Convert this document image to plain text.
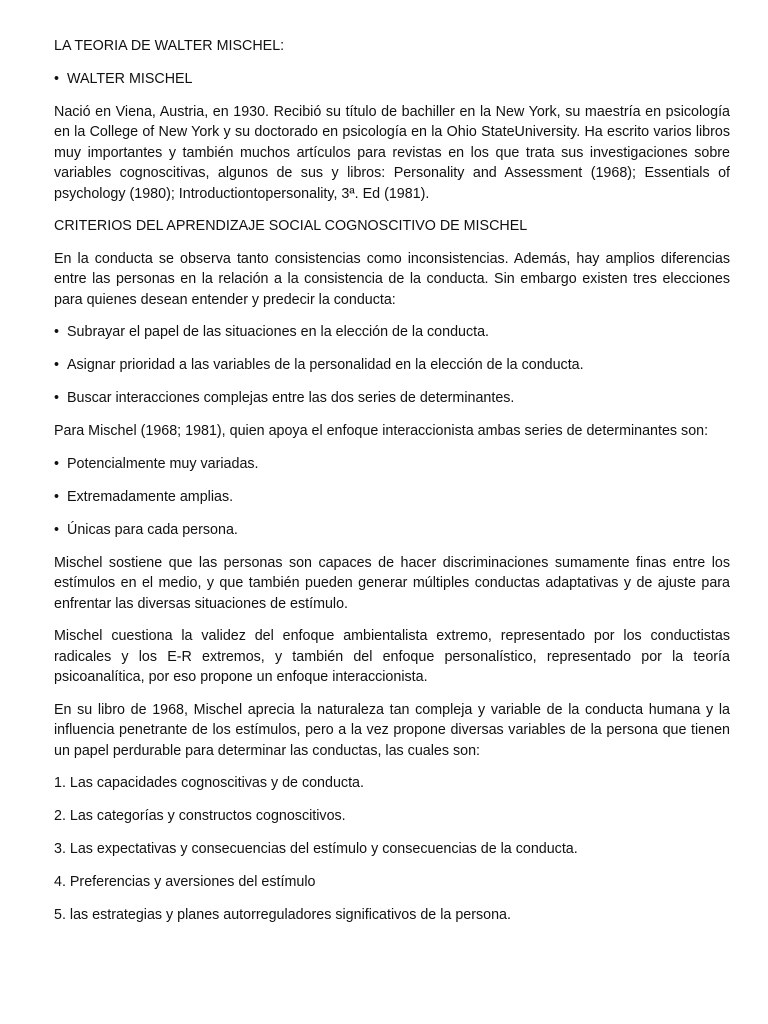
LA TEORIA DE WALTER MISCHEL:
• WALTER MISCHEL
Nació en Viena, Austria, en 1930. Recibió su título de bachiller en la New York, su maestría en psicología en la College of New York y su doctorado en psicología en la Ohio StateUniversity. Ha escrito varios libros muy importantes y también muchos artículos para revistas en los que trata sus investigaciones sobre variables cognoscitivas, algunos de sus y libros: Personality and Assessment (1968); Essentials of psychology (1980); Introductiontopersonality, 3ª. Ed (1981).
CRITERIOS DEL APRENDIZAJE SOCIAL COGNOSCITIVO DE MISCHEL
En la conducta se observa tanto consistencias como inconsistencias. Además, hay amplios diferencias entre las personas en la relación a la consistencia de la conducta. Sin embargo existen tres elecciones para quienes desean entender y predecir la conducta:
• Subrayar el papel de las situaciones en la elección de la conducta.
• Asignar prioridad a las variables de la personalidad en la elección de la conducta.
• Buscar interacciones complejas entre las dos series de determinantes.
Para Mischel (1968; 1981), quien apoya el enfoque interaccionista ambas series de determinantes son:
• Potencialmente muy variadas.
• Extremadamente amplias.
• Únicas para cada persona.
Mischel sostiene que las personas son capaces de hacer discriminaciones sumamente finas entre los estímulos en el medio, y que también pueden generar múltiples conductas adaptativas y de ajuste para enfrentar las diversas situaciones de estímulo.
Mischel cuestiona la validez del enfoque ambientalista extremo, representado por los conductistas radicales y los E-R extremos, y también del enfoque personalístico, representado por la teoría psicoanalítica, por eso propone un enfoque interaccionista.
En su libro de 1968, Mischel aprecia la naturaleza tan compleja y variable de la conducta humana y la influencia penetrante de los estímulos, pero a la vez propone diversas variables de la persona que tienen un papel perdurable para determinar las conductas, las cuales son:
1. Las capacidades cognoscitivas y de conducta.
2. Las categorías y constructos cognoscitivos.
3. Las expectativas y consecuencias del estímulo y consecuencias de la conducta.
4. Preferencias y aversiones del estímulo
5. las estrategias y planes autorreguladores significativos de la persona.
